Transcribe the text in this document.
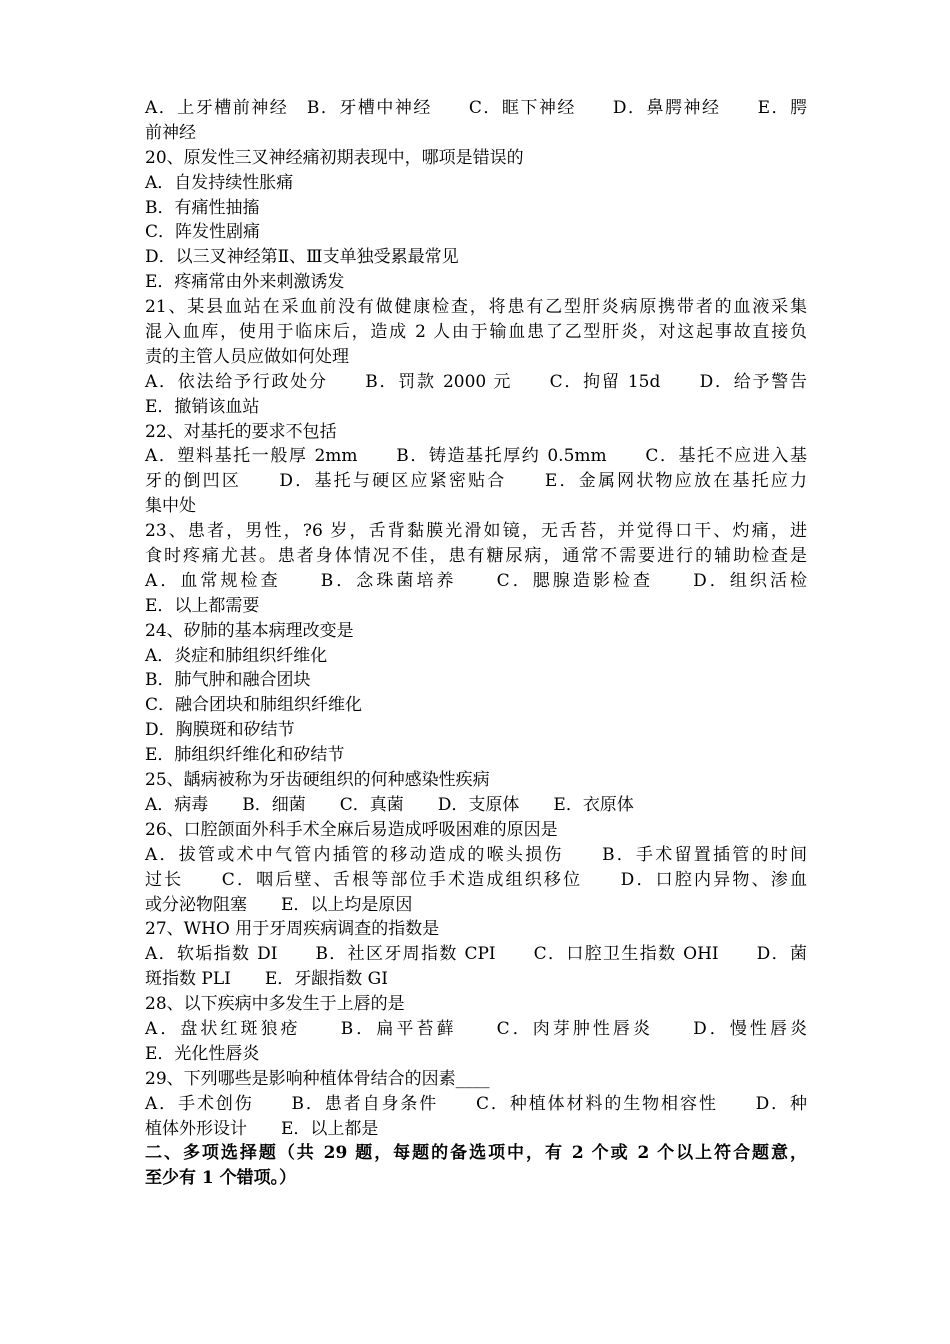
A．上牙槽前神经　B．牙槽中神经　　C．眶下神经　　D．鼻腭神经　　E．腭
前神经
20、原发性三叉神经痛初期表现中，哪项是错误的
A．自发持续性胀痛
B．有痛性抽搐
C．阵发性剧痛
D．以三叉神经第Ⅱ、Ⅲ支单独受累最常见
E．疼痛常由外来刺激诱发
21、某县血站在采血前没有做健康检查，将患有乙型肝炎病原携带者的血液采集
混入血库，使用于临床后，造成 2 人由于输血患了乙型肝炎，对这起事故直接负
责的主管人员应做如何处理
A．依法给予行政处分　　B．罚款 2000 元　　C．拘留 15d　　D．给予警告
E．撤销该血站
22、对基托的要求不包括
A．塑料基托一般厚 2mm　　B．铸造基托厚约 0.5mm　　C．基托不应进入基
牙的倒凹区　　D．基托与硬区应紧密贴合　　E．金属网状物应放在基托应力
集中处
23、患者，男性，?6 岁，舌背黏膜光滑如镜，无舌苔，并觉得口干、灼痛，进
食时疼痛尤甚。患者身体情况不佳，患有糖尿病，通常不需要进行的辅助检查是
A．血常规检查　　B．念珠菌培养　　C．腮腺造影检查　　D．组织活检
E．以上都需要
24、矽肺的基本病理改变是
A．炎症和肺组织纤维化
B．肺气肿和融合团块
C．融合团块和肺组织纤维化
D．胸膜斑和矽结节
E．肺组织纤维化和矽结节
25、龋病被称为牙齿硬组织的何种感染性疾病
A．病毒　　B．细菌　　C．真菌　　D．支原体　　E．衣原体
26、口腔颌面外科手术全麻后易造成呼吸困难的原因是
A．拔管或术中气管内插管的移动造成的喉头损伤　　B．手术留置插管的时间
过长　　C．咽后壁、舌根等部位手术造成组织移位　　D．口腔内异物、渗血
或分泌物阻塞　　E．以上均是原因
27、WHO 用于牙周疾病调查的指数是
A．软垢指数 DI　　B．社区牙周指数 CPI　　C．口腔卫生指数 OHI　　D．菌
斑指数 PLI　　E．牙龈指数 GI
28、以下疾病中多发生于上唇的是
A．盘状红斑狼疮　　B．扁平苔藓　　C．肉芽肿性唇炎　　D．慢性唇炎
E．光化性唇炎
29、下列哪些是影响种植体骨结合的因素____
A．手术创伤　　B．患者自身条件　　C．种植体材料的生物相容性　　D．种
植体外形设计　　E．以上都是
二、多项选择题（共 29 题，每题的备选项中，有 2 个或 2 个以上符合题意，
至少有 1 个错项。）
